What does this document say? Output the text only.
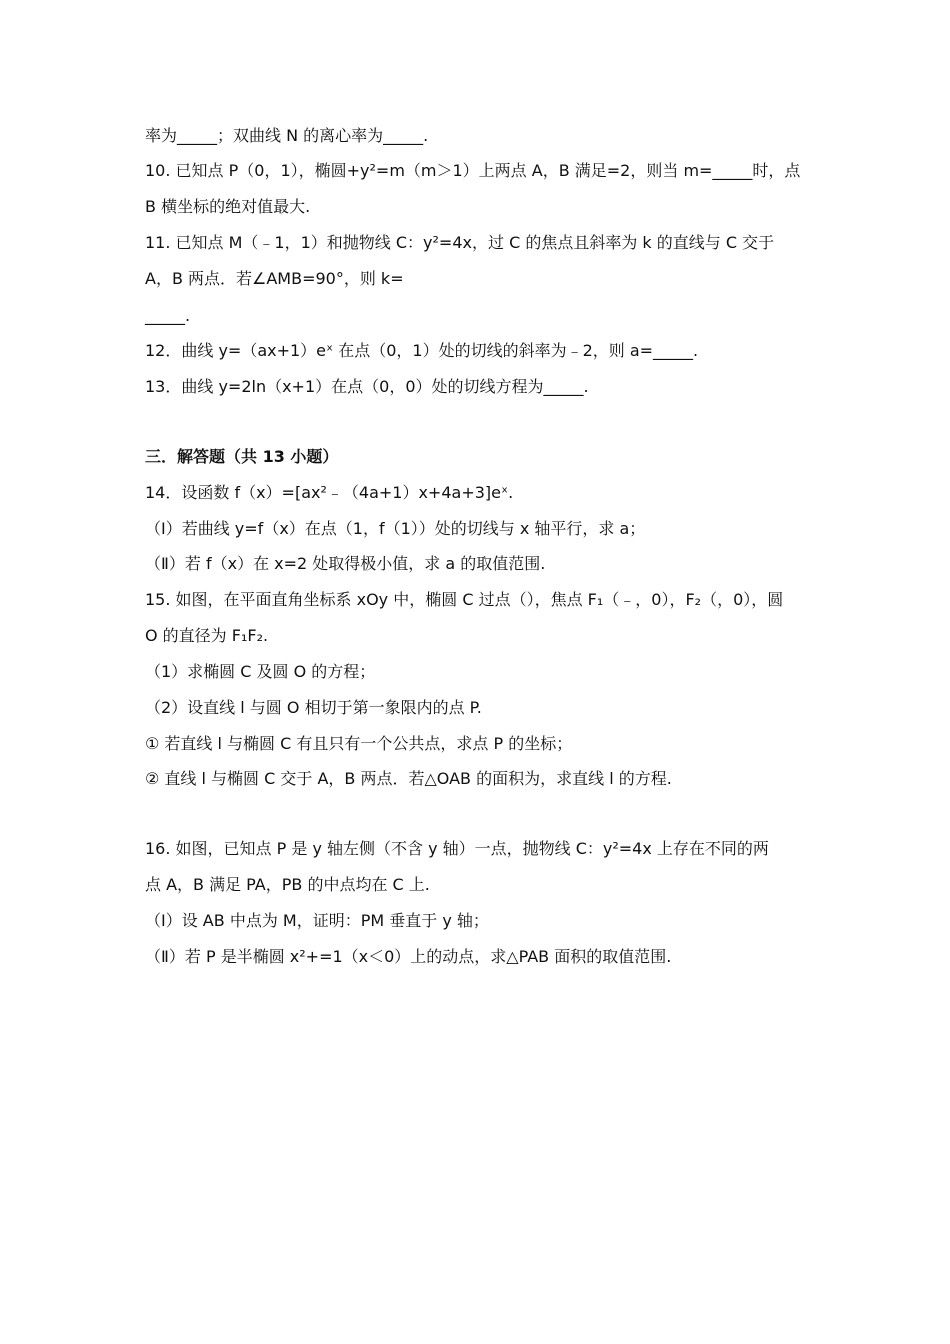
率为_____；双曲线 N 的离心率为_____.
10. 已知点 P（0，1），椭圆+y²=m（m＞1）上两点 A，B 满足=2，则当 m=_____时，点
B 横坐标的绝对值最大.
11. 已知点 M（﹣1，1）和抛物线 C：y²=4x，过 C 的焦点且斜率为 k 的直线与 C 交于
A，B 两点．若∠AMB=90°，则 k=
_____.
12．曲线 y=（ax+1）eˣ 在点（0，1）处的切线的斜率为﹣2，则 a=_____.
13．曲线 y=2ln（x+1）在点（0，0）处的切线方程为_____.
三．解答题（共 13 小题）
14．设函数 f（x）=[ax²﹣（4a+1）x+4a+3]eˣ.
（Ⅰ）若曲线 y=f（x）在点（1，f（1））处的切线与 x 轴平行，求 a；
（Ⅱ）若 f（x）在 x=2 处取得极小值，求 a 的取值范围.
15. 如图，在平面直角坐标系 xOy 中，椭圆 C 过点（），焦点 F₁（﹣，0），F₂（，0），圆
O 的直径为 F₁F₂.
（1）求椭圆 C 及圆 O 的方程；
（2）设直线 l 与圆 O 相切于第一象限内的点 P.
① 若直线 l 与椭圆 C 有且只有一个公共点，求点 P 的坐标；
② 直线 l 与椭圆 C 交于 A，B 两点．若△OAB 的面积为，求直线 l 的方程.
16. 如图，已知点 P 是 y 轴左侧（不含 y 轴）一点，抛物线 C：y²=4x 上存在不同的两
点 A，B 满足 PA，PB 的中点均在 C 上.
（Ⅰ）设 AB 中点为 M，证明：PM 垂直于 y 轴；
（Ⅱ）若 P 是半椭圆 x²+=1（x＜0）上的动点，求△PAB 面积的取值范围.
